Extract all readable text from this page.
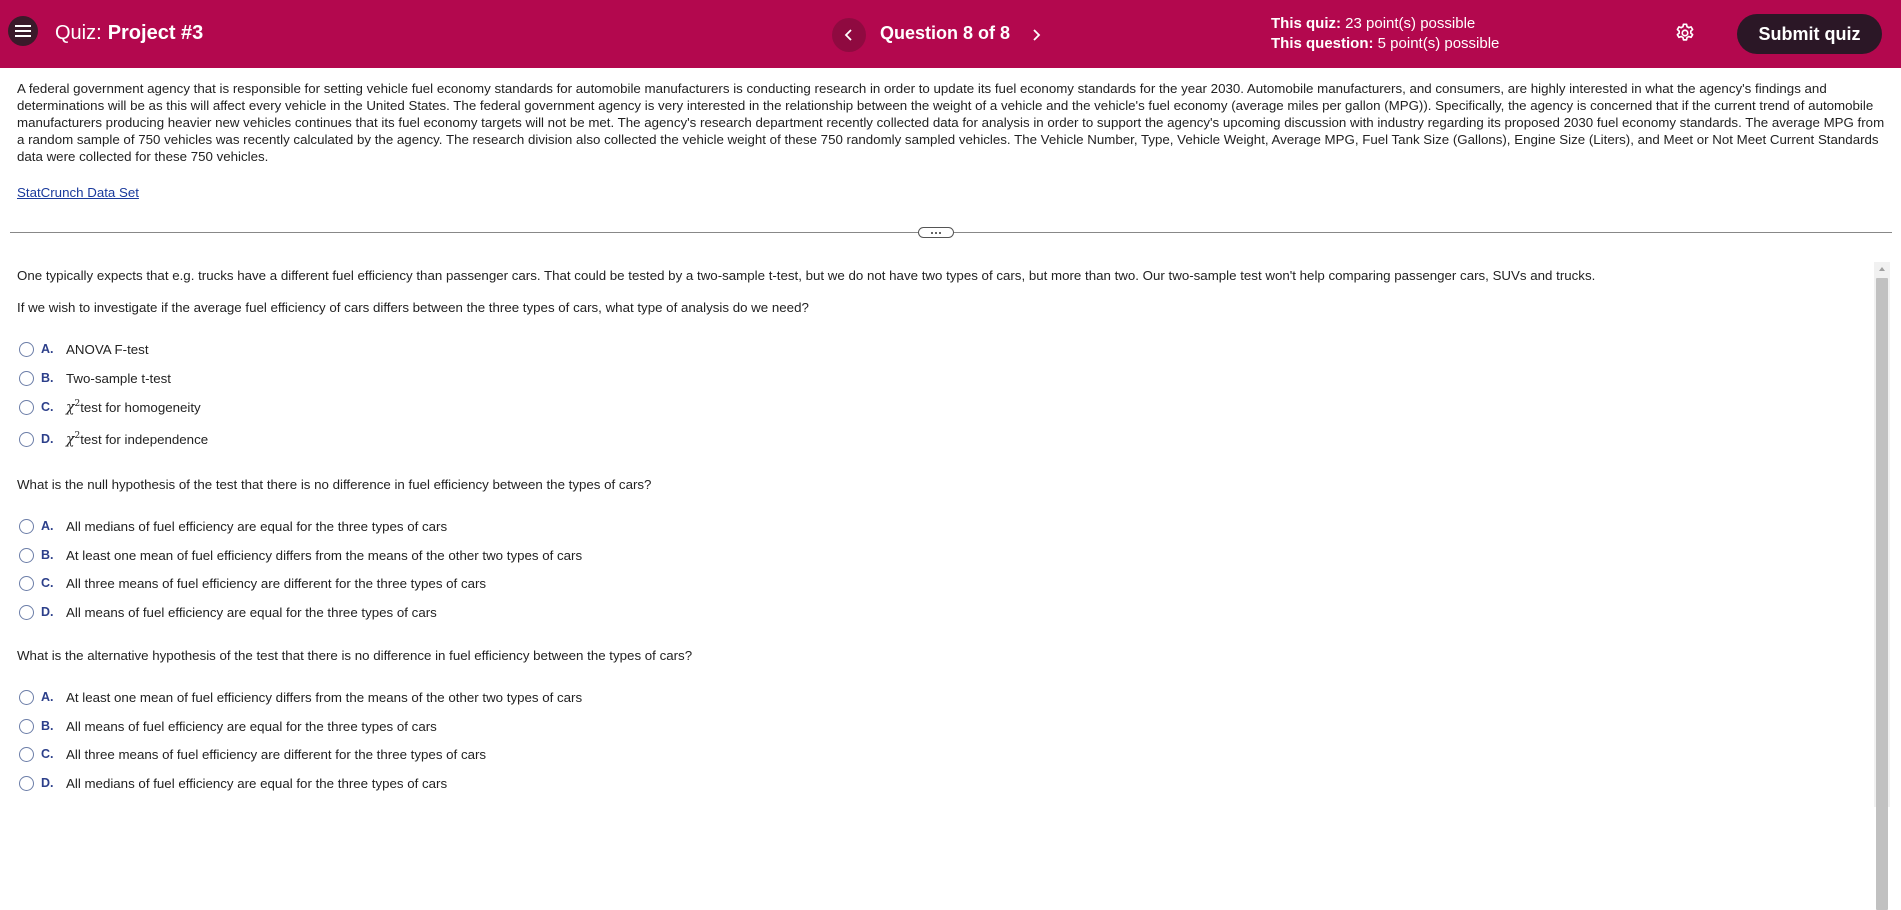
Quiz: Project #3	Question 8 of 8	This quiz: 23 point(s) possible
This question: 5 point(s) possible	Submit quiz
A federal government agency that is responsible for setting vehicle fuel economy standards for automobile manufacturers is conducting research in order to update its fuel economy standards for the year 2030. Automobile manufacturers, and consumers, are highly interested in what the agency's findings and determinations will be as this will affect every vehicle in the United States. The federal government agency is very interested in the relationship between the weight of a vehicle and the vehicle's fuel economy (average miles per gallon (MPG)). Specifically, the agency is concerned that if the current trend of automobile manufacturers producing heavier new vehicles continues that its fuel economy targets will not be met. The agency's research department recently collected data for analysis in order to support the agency's upcoming discussion with industry regarding its proposed 2030 fuel economy standards. The average MPG from a random sample of 750 vehicles was recently calculated by the agency. The research division also collected the vehicle weight of these 750 randomly sampled vehicles. The Vehicle Number, Type, Vehicle Weight, Average MPG, Fuel Tank Size (Gallons), Engine Size (Liters), and Meet or Not Meet Current Standards data were collected for these 750 vehicles.
StatCrunch Data Set
One typically expects that e.g. trucks have a different fuel efficiency than passenger cars. That could be tested by a two-sample t-test, but we do not have two types of cars, but more than two. Our two-sample test won't help comparing passenger cars, SUVs and trucks.
If we wish to investigate if the average fuel efficiency of cars differs between the three types of cars, what type of analysis do we need?
A. ANOVA F-test
B. Two-sample t-test
C. $\chi^2$ test for homogeneity
D. $\chi^2$ test for independence
What is the null hypothesis of the test that there is no difference in fuel efficiency between the types of cars?
A. All medians of fuel efficiency are equal for the three types of cars
B. At least one mean of fuel efficiency differs from the means of the other two types of cars
C. All three means of fuel efficiency are different for the three types of cars
D. All means of fuel efficiency are equal for the three types of cars
What is the alternative hypothesis of the test that there is no difference in fuel efficiency between the types of cars?
A. At least one mean of fuel efficiency differs from the means of the other two types of cars
B. All means of fuel efficiency are equal for the three types of cars
C. All three means of fuel efficiency are different for the three types of cars
D. All medians of fuel efficiency are equal for the three types of cars
